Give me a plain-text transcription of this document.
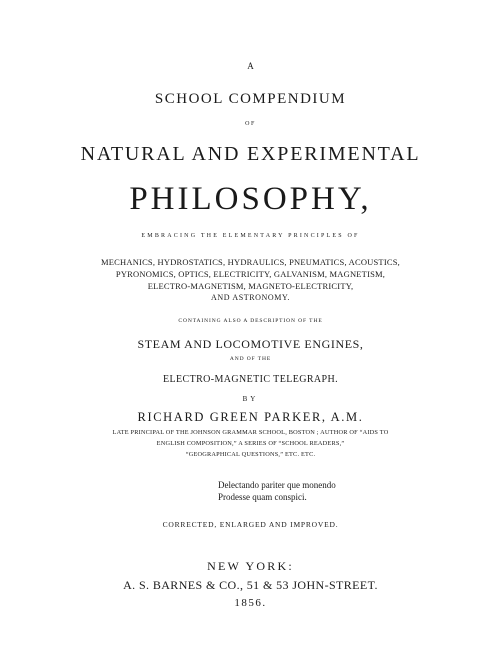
A
SCHOOL COMPENDIUM
OF
NATURAL AND EXPERIMENTAL
PHILOSOPHY,
EMBRACING THE ELEMENTARY PRINCIPLES OF
MECHANICS, HYDROSTATICS, HYDRAULICS, PNEUMATICS, ACOUSTICS,
PYRONOMICS, OPTICS, ELECTRICITY, GALVANISM, MAGNETISM,
ELECTRO-MAGNETISM, MAGNETO-ELECTRICITY,
AND ASTRONOMY.
CONTAINING ALSO A DESCRIPTION OF THE
STEAM AND LOCOMOTIVE ENGINES,
AND OF THE
ELECTRO-MAGNETIC TELEGRAPH.
BY
RICHARD GREEN PARKER, A.M.
LATE PRINCIPAL OF THE JOHNSON GRAMMAR SCHOOL, BOSTON ; AUTHOR OF “AIDS TO
ENGLISH COMPOSITION,” A SERIES OF “SCHOOL READERS,”
“GEOGRAPHICAL QUESTIONS,” ETC. ETC.
Delectando pariter que monendo
Prodesse quam conspici.
CORRECTED, ENLARGED AND IMPROVED.
NEW YORK:
A. S. BARNES & CO., 51 & 53 JOHN-STREET.
1856.
